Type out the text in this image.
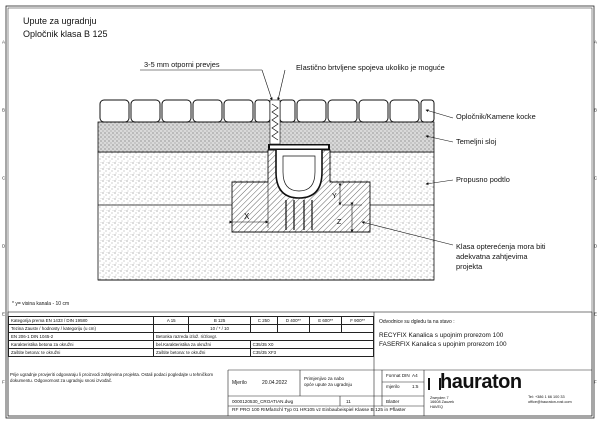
A	A
B	B
C	C
D	D
E	E
F	F
X
Y
Z
Upute za ugradnju
Opločnik klasa B 125
3-5 mm otporni prevjes	Elastično brtvljene spojeva ukoliko je moguće
Opločnik/Kamene kocke
Temeljni sloj
Propusno podtlo
Klasa opterećenja mora biti
adekvatna zahtjevima
projekta
* y= visina kanala - 10 cm
Kategorija prema EN 1433 / DIN 19580	A 15	B 125	C 250	D 400**	E 600**	F 900**
Tezina Zaustv / hodnosty / kategoriju (u cm)		10 / * / 10				
EN 206-1 DIN 1045-2	Betonka razreda izlož. ri/zlovgr.					
Karakteristika betona za okružni	bel.Karakteristika za okružni		C35/35 X0			
Zaštite betona: te okružni	Zaštite betona: te okružni		C35/35 XF3			
Prije ugradnje provjeriti odgovaraju li proizvodi zahtjevima projekta. Ostali podaci pogledajte u tehničkom dokumentu. Odgovornost za ugradnju snosi izvođač.
Odvodnice su dgledu ta na stavo :
RECYFIX Kanalica s upojnim prorezom 100
FASERFIX Kanalica s upojnim prorezom 100
Mjerilo	20.04.2022
Primjenjivo za nabo
opće upute za ugradnju
Format DIN A4
mjerilo	1:5
0000120530_CROATIAN.dwg	11	Blatter
RF PRO 100 RIMfaSchl Typ 01 HR105 vz Einbaubeispiel Klasse B 125 in Pflaster
hauraton
Zweyden 7
16608 Zauzek
HAVEQ
Tel: +386 1 66 100 33
office@hauraton-rost.com
